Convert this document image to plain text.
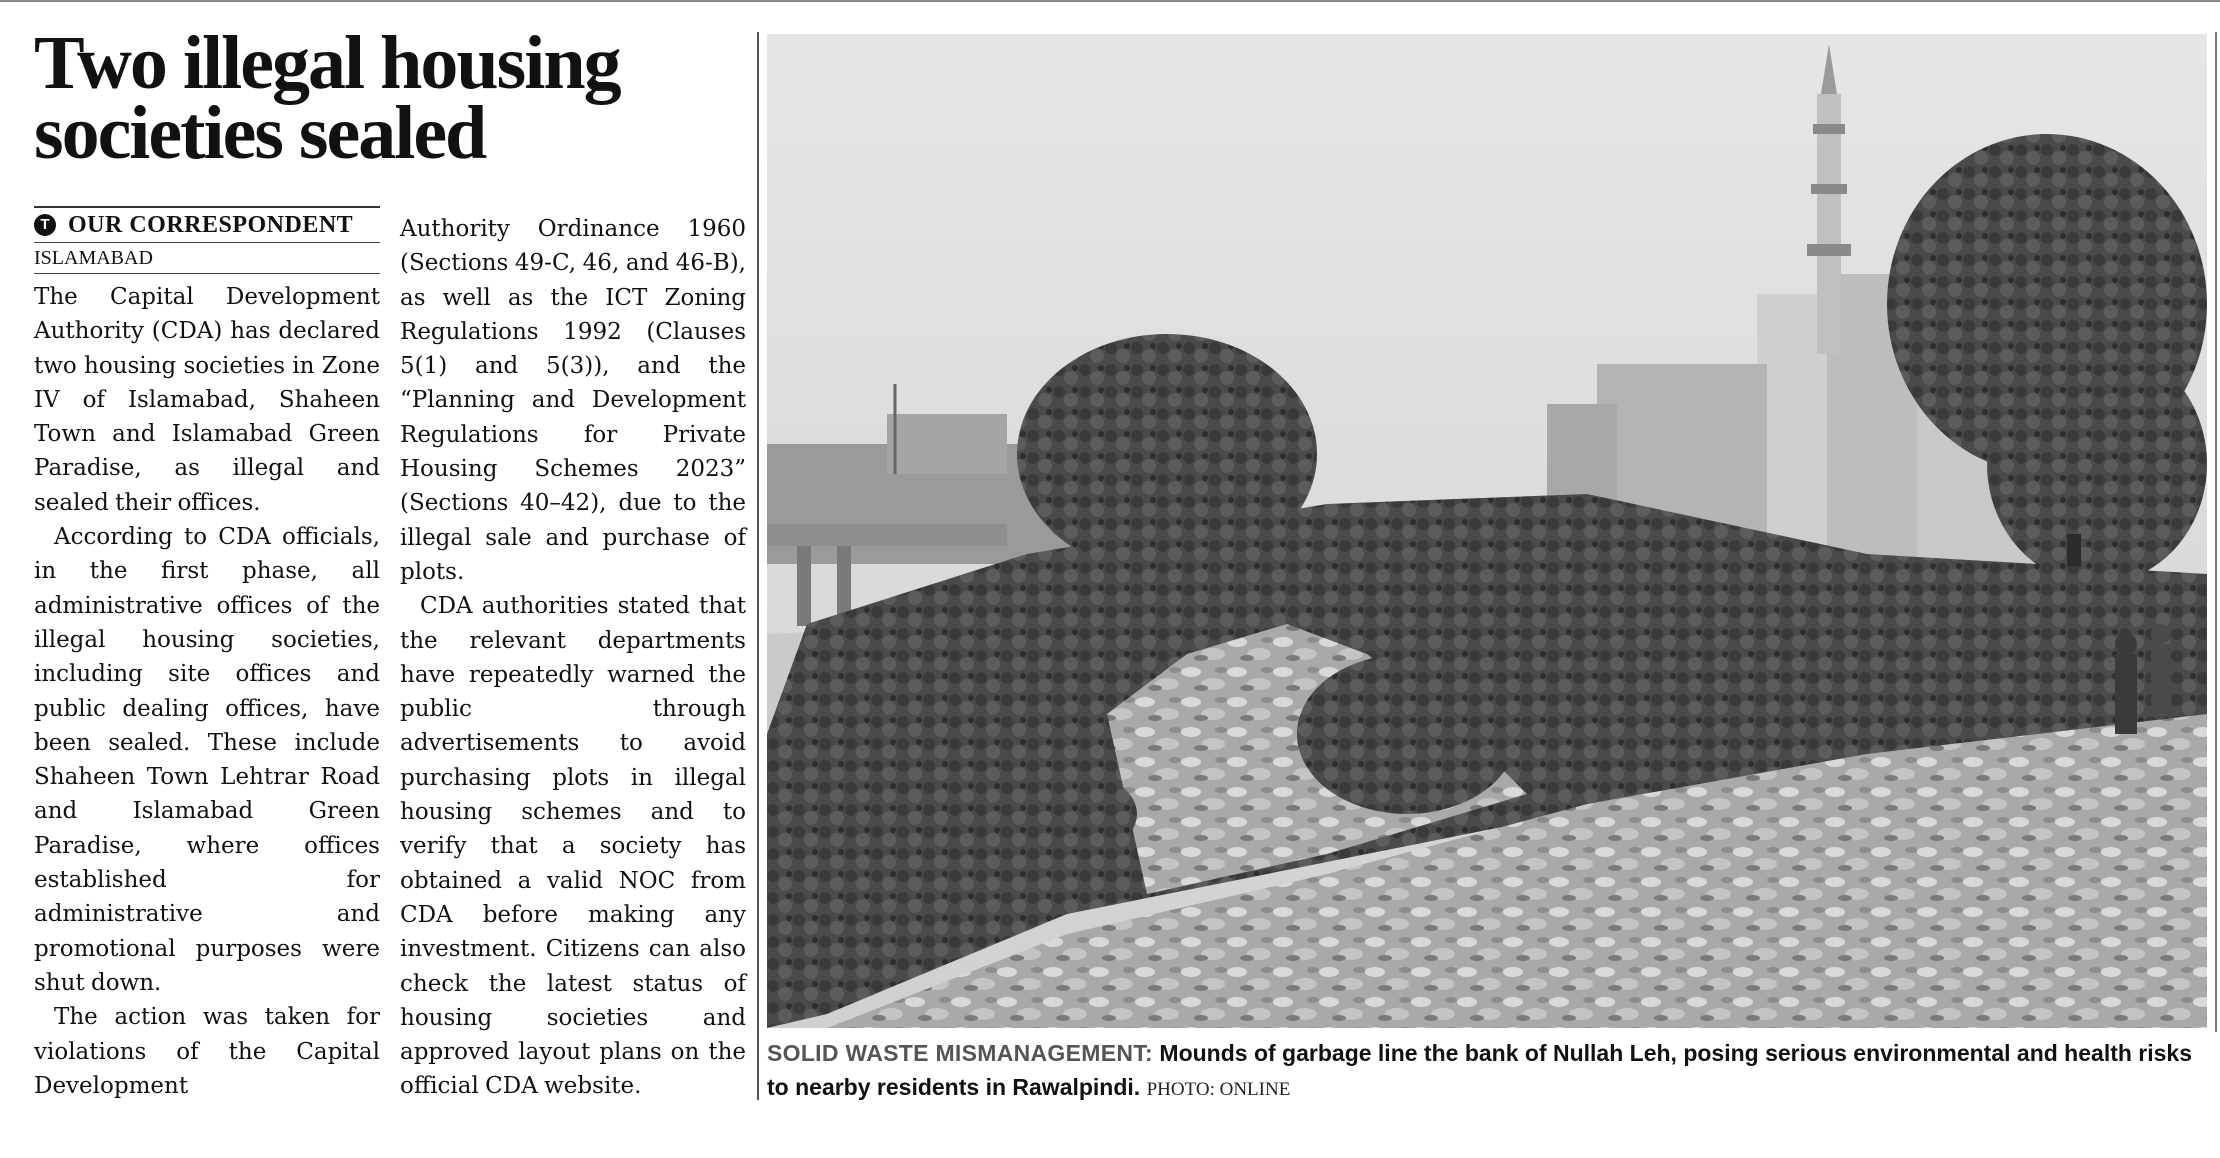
Two illegal housing societies sealed
T OUR CORRESPONDENT
ISLAMABAD

The Capital Development Authority (CDA) has declared two housing societies in Zone IV of Islamabad, Shaheen Town and Islamabad Green Paradise, as illegal and sealed their offices.

According to CDA officials, in the first phase, all administrative offices of the illegal housing societies, including site offices and public dealing offices, have been sealed. These include Shaheen Town Lehtrar Road and Islamabad Green Paradise, where offices established for administrative and promotional purposes were shut down.

The action was taken for violations of the Capital Development

Authority Ordinance 1960 (Sections 49-C, 46, and 46-B), as well as the ICT Zoning Regulations 1992 (Clauses 5(1) and 5(3)), and the “Planning and Development Regulations for Private Housing Schemes 2023” (Sections 40–42), due to the illegal sale and purchase of plots.

CDA authorities stated that the relevant departments have repeatedly warned the public through advertisements to avoid purchasing plots in illegal housing schemes and to verify that a society has obtained a valid NOC from CDA before making any investment. Citizens can also check the latest status of housing societies and approved layout plans on the official CDA website.

SOLID WASTE MISMANAGEMENT: Mounds of garbage line the bank of Nullah Leh, posing serious environmental and health risks to nearby residents in Rawalpindi. PHOTO: ONLINE
